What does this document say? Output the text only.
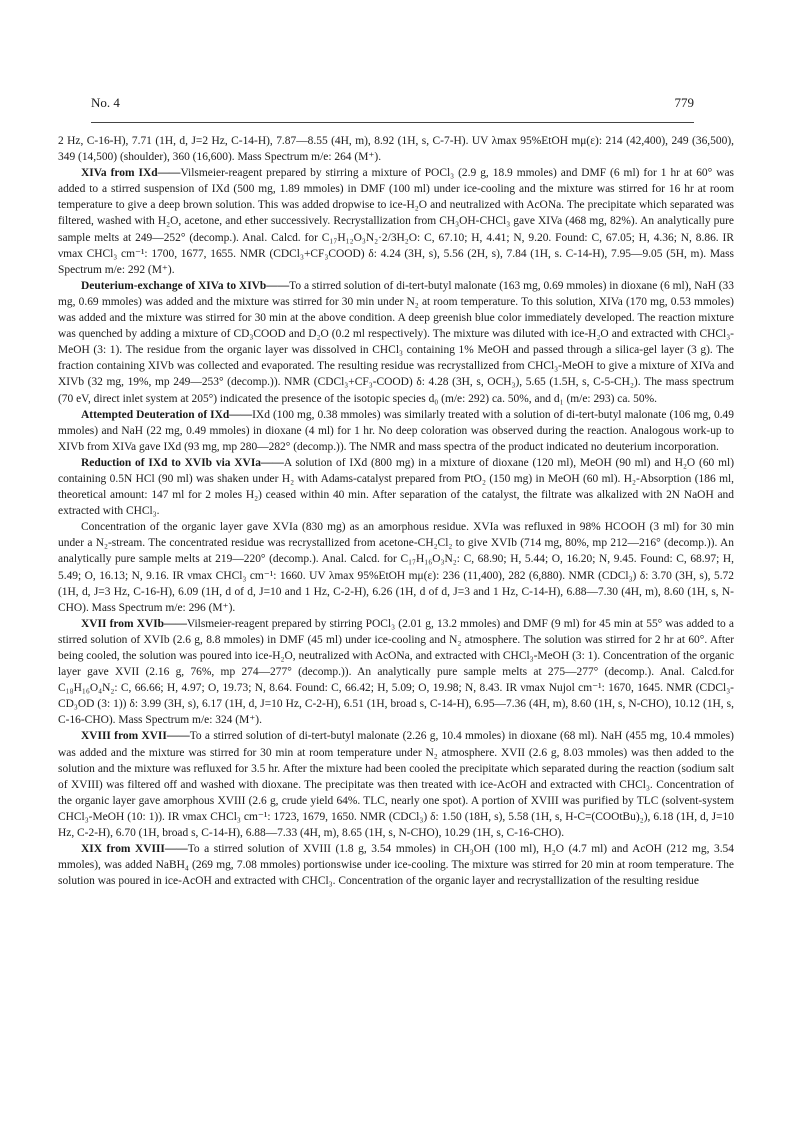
No. 4	779

2 Hz, C-16-H), 7.71 (1H, d, J=2 Hz, C-14-H), 7.87—8.55 (4H, m), 8.92 (1H, s, C-7-H). UV λmax 95%EtOH mμ(ε): 214 (42,400), 249 (36,500), 349 (14,500) (shoulder), 360 (16,600). Mass Spectrum m/e: 264 (M⁺).

XIVa from IXd——Vilsmeier-reagent prepared by stirring a mixture of POCl₃ (2.9 g, 18.9 mmoles) and DMF (6 ml) for 1 hr at 60° was added to a stirred suspension of IXd (500 mg, 1.89 mmoles) in DMF (100 ml) under ice-cooling and the mixture was stirred for 16 hr at room temperature to give a deep brown solution. This was added dropwise to ice-H₂O and neutralized with AcONa. The precipitate which separated was filtered, washed with H₂O, acetone, and ether successively. Recrystallization from CH₃OH-CHCl₃ gave XIVa (468 mg, 82%). An analytically pure sample melts at 249—252° (decomp.). Anal. Calcd. for C₁₇H₁₂O₃N₂·2/3H₂O: C, 67.10; H, 4.41; N, 9.20. Found: C, 67.05; H, 4.36; N, 8.86. IR νmax CHCl₃ cm⁻¹: 1700, 1677, 1655. NMR (CDCl₃+CF₃COOD) δ: 4.24 (3H, s), 5.56 (2H, s), 7.84 (1H, s. C-14-H), 7.95—9.05 (5H, m). Mass Spectrum m/e: 292 (M⁺).

Deuterium-exchange of XIVa to XIVb——To a stirred solution of di-tert-butyl malonate (163 mg, 0.69 mmoles) in dioxane (6 ml), NaH (33 mg, 0.69 mmoles) was added and the mixture was stirred for 30 min under N₂ at room temperature. To this solution, XIVa (170 mg, 0.53 mmoles) was added and the mixture was stirred for 30 min at the above condition. A deep greenish blue color immediately developed. The reaction mixture was quenched by adding a mixture of CD₃COOD and D₂O (0.2 ml respectively). The mixture was diluted with ice-H₂O and extracted with CHCl₃-MeOH (3: 1). The residue from the organic layer was dissolved in CHCl₃ containing 1% MeOH and passed through a silica-gel layer (3 g). The fraction containing XIVb was collected and evaporated. The resulting residue was recrystallized from CHCl₃-MeOH to give a mixture of XIVa and XIVb (32 mg, 19%, mp 249—253° (decomp.)). NMR (CDCl₃+CF₃-COOD) δ: 4.28 (3H, s, OCH₃), 5.65 (1.5H, s, C-5-CH₂). The mass spectrum (70 eV, direct inlet system at 205°) indicated the presence of the isotopic species d₀ (m/e: 292) ca. 50%, and d₁ (m/e: 293) ca. 50%.

Attempted Deuteration of IXd——IXd (100 mg, 0.38 mmoles) was similarly treated with a solution of di-tert-butyl malonate (106 mg, 0.49 mmoles) and NaH (22 mg, 0.49 mmoles) in dioxane (4 ml) for 1 hr. No deep coloration was observed during the reaction. Analogous work-up to XIVb from XIVa gave IXd (93 mg, mp 280—282° (decomp.)). The NMR and mass spectra of the product indicated no deuterium incorporation.

Reduction of IXd to XVIb via XVIa——A solution of IXd (800 mg) in a mixture of dioxane (120 ml), MeOH (90 ml) and H₂O (60 ml) containing 0.5N HCl (90 ml) was shaken under H₂ with Adams-catalyst prepared from PtO₂ (150 mg) in MeOH (60 ml). H₂-Absorption (186 ml, theoretical amount: 147 ml for 2 moles H₂) ceased within 40 min. After separation of the catalyst, the filtrate was alkalized with 2N NaOH and extracted with CHCl₃.

Concentration of the organic layer gave XVIa (830 mg) as an amorphous residue. XVIa was refluxed in 98% HCOOH (3 ml) for 30 min under a N₂-stream. The concentrated residue was recrystallized from acetone-CH₂Cl₂ to give XVIb (714 mg, 80%, mp 212—216° (decomp.)). An analytically pure sample melts at 219—220° (decomp.). Anal. Calcd. for C₁₇H₁₆O₃N₂: C, 68.90; H, 5.44; O, 16.20; N, 9.45. Found: C, 68.97; H, 5.49; O, 16.13; N, 9.16. IR νmax CHCl₃ cm⁻¹: 1660. UV λmax 95%EtOH mμ(ε): 236 (11,400), 282 (6,880). NMR (CDCl₃) δ: 3.70 (3H, s), 5.72 (1H, d, J=3 Hz, C-16-H), 6.09 (1H, d of d, J=10 and 1 Hz, C-2-H), 6.26 (1H, d of d, J=3 and 1 Hz, C-14-H), 6.88—7.30 (4H, m), 8.60 (1H, s, N-CHO). Mass Spectrum m/e: 296 (M⁺).

XVII from XVIb——Vilsmeier-reagent prepared by stirring POCl₃ (2.01 g, 13.2 mmoles) and DMF (9 ml) for 45 min at 55° was added to a stirred solution of XVIb (2.6 g, 8.8 mmoles) in DMF (45 ml) under ice-cooling and N₂ atmosphere. The solution was stirred for 2 hr at 60°. After being cooled, the solution was poured into ice-H₂O, neutralized with AcONa, and extracted with CHCl₃-MeOH (3: 1). Concentration of the organic layer gave XVII (2.16 g, 76%, mp 274—277° (decomp.)). An analytically pure sample melts at 275—277° (decomp.). Anal. Calcd.for C₁₈H₁₆O₄N₂: C, 66.66; H, 4.97; O, 19.73; N, 8.64. Found: C, 66.42; H, 5.09; O, 19.98; N, 8.43. IR νmax Nujol cm⁻¹: 1670, 1645. NMR (CDCl₃-CD₃OD (3: 1)) δ: 3.99 (3H, s), 6.17 (1H, d, J=10 Hz, C-2-H), 6.51 (1H, broad s, C-14-H), 6.95—7.36 (4H, m), 8.60 (1H, s, N-CHO), 10.12 (1H, s, C-16-CHO). Mass Spectrum m/e: 324 (M⁺).

XVIII from XVII——To a stirred solution of di-tert-butyl malonate (2.26 g, 10.4 mmoles) in dioxane (68 ml). NaH (455 mg, 10.4 mmoles) was added and the mixture was stirred for 30 min at room temperature under N₂ atmosphere. XVII (2.6 g, 8.03 mmoles) was then added to the solution and the mixture was refluxed for 3.5 hr. After the mixture had been cooled the precipitate which separated during the reaction (sodium salt of XVIII) was filtered off and washed with dioxane. The precipitate was then treated with ice-AcOH and extracted with CHCl₃. Concentration of the organic layer gave amorphous XVIII (2.6 g, crude yield 64%. TLC, nearly one spot). A portion of XVIII was purified by TLC (solvent-system CHCl₃-MeOH (10: 1)). IR νmax CHCl₃ cm⁻¹: 1723, 1679, 1650. NMR (CDCl₃) δ: 1.50 (18H, s), 5.58 (1H, s, H-C=(COOtBu)₂), 6.18 (1H, d, J=10 Hz, C-2-H), 6.70 (1H, broad s, C-14-H), 6.88—7.33 (4H, m), 8.65 (1H, s, N-CHO), 10.29 (1H, s, C-16-CHO).

XIX from XVIII——To a stirred solution of XVIII (1.8 g, 3.54 mmoles) in CH₃OH (100 ml), H₂O (4.7 ml) and AcOH (212 mg, 3.54 mmoles), was added NaBH₄ (269 mg, 7.08 mmoles) portionswise under ice-cooling. The mixture was stirred for 20 min at room temperature. The solution was poured in ice-AcOH and extracted with CHCl₃. Concentration of the organic layer and recrystallization of the resulting residue
